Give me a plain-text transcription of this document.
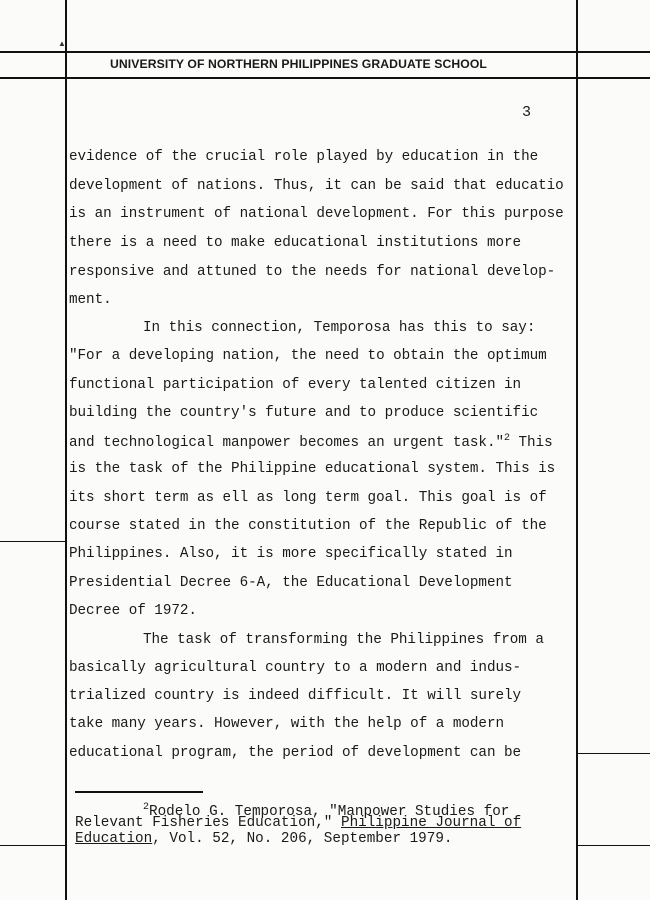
▲
UNIVERSITY OF NORTHERN PHILIPPINES GRADUATE SCHOOL
3
evidence of the crucial role played by education in the
development of nations. Thus, it can be said that educatio
is an instrument of national development. For this purpose
there is a need to make educational institutions more
responsive and attuned to the needs for national develop-
ment.
In this connection, Temporosa has this to say:
"For a developing nation, the need to obtain the optimum
functional participation of every talented citizen in
building the country's future and to produce scientific
and technological manpower becomes an urgent task."$^2$ This
is the task of the Philippine educational system. This is
its short term as ell as long term goal. This goal is of
course stated in the constitution of the Republic of the
Philippines. Also, it is more specifically stated in
Presidential Decree 6-A, the Educational Development
Decree of 1972.
The task of transforming the Philippines from a
basically agricultural country to a modern and indus-
trialized country is indeed difficult. It will surely
take many years. However, with the help of a modern
educational program, the period of development can be
$^2$Rodelo G. Temporosa, "Manpower Studies for
Relevant Fisheries Education," Philippine Journal of
Education, Vol. 52, No. 206, September 1979.
